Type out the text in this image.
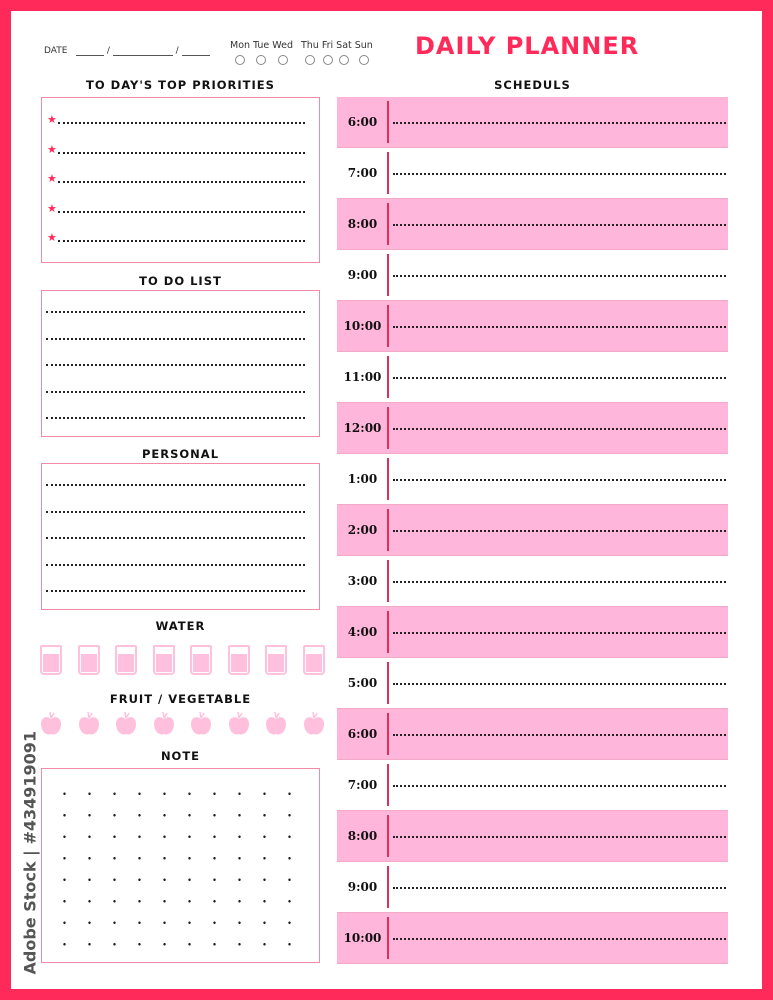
DATE	/	/	Mon Tue Wed Thu Fri Sat Sun DAILY PLANNER
TO DAY'S TOP PRIORITIES
★
★
★
★
★
TO DO LIST
PERSONAL
WATER
FRUIT / VEGETABLE
NOTE
SCHEDULS
6:00
7:00
8:00
9:00
10:00
11:00
12:00
1:00
2:00
3:00
4:00
5:00
6:00
7:00
8:00
9:00
10:00
Adobe Stock | #434919091
